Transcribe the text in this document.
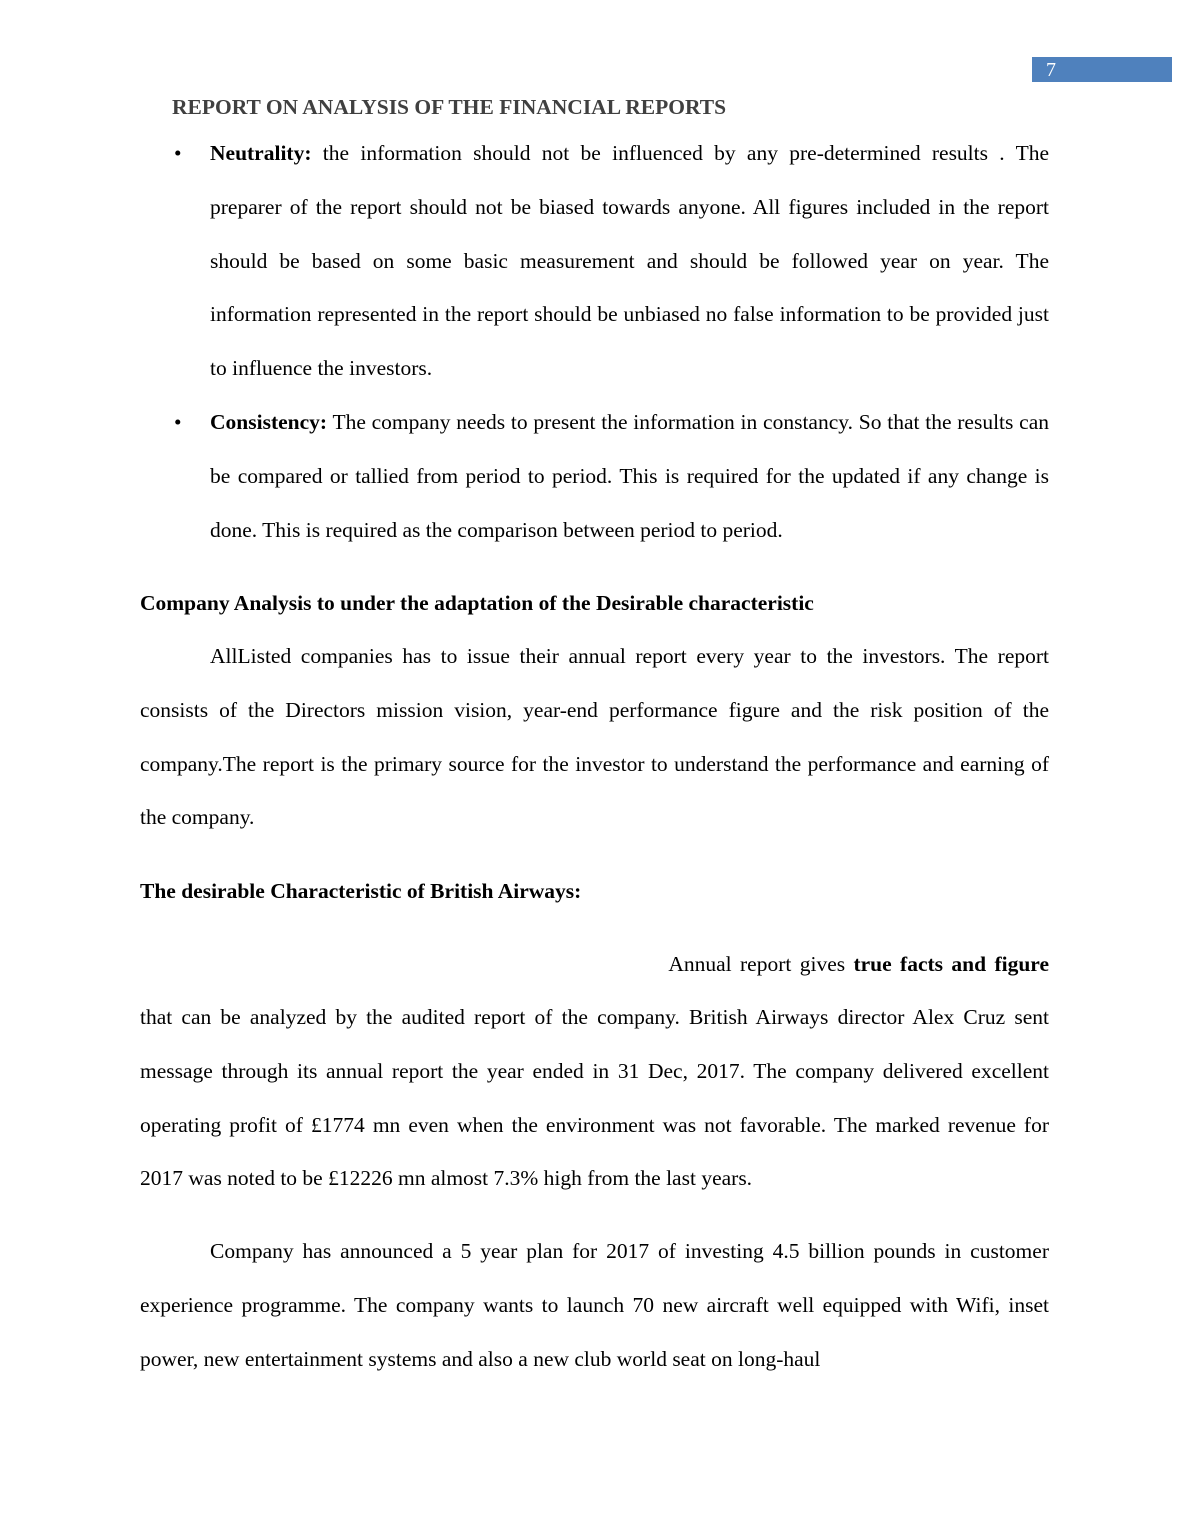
7
REPORT ON ANALYSIS OF THE FINANCIAL REPORTS
• Neutrality: the information should not be influenced by any pre-determined results . The preparer of the report should not be biased towards anyone. All figures included in the report should be based on some basic measurement and should be followed year on year. The information represented in the report should be unbiased no false information to be provided just to influence the investors.
• Consistency: The company needs to present the information in constancy. So that the results can be compared or tallied from period to period. This is required for the updated if any change is done. This is required as the comparison between period to period.
Company Analysis to under the adaptation of the Desirable characteristic
AllListed companies has to issue their annual report every year to the investors. The report consists of the Directors mission vision, year-end performance figure and the risk position of the company.The report is the primary source for the investor to understand the performance and earning of the company.
The desirable Characteristic of British Airways:
Annual report gives true facts and figure
that can be analyzed by the audited report of the company. British Airways director Alex Cruz sent message through its annual report the year ended in 31 Dec, 2017. The company delivered excellent operating profit of £1774 mn even when the environment was not favorable. The marked revenue for 2017 was noted to be £12226 mn almost 7.3% high from the last years.
Company has announced a 5 year plan for 2017 of investing 4.5 billion pounds in customer experience programme. The company wants to launch 70 new aircraft well equipped with Wifi, inset power, new entertainment systems and also a new club world seat on long-haul
